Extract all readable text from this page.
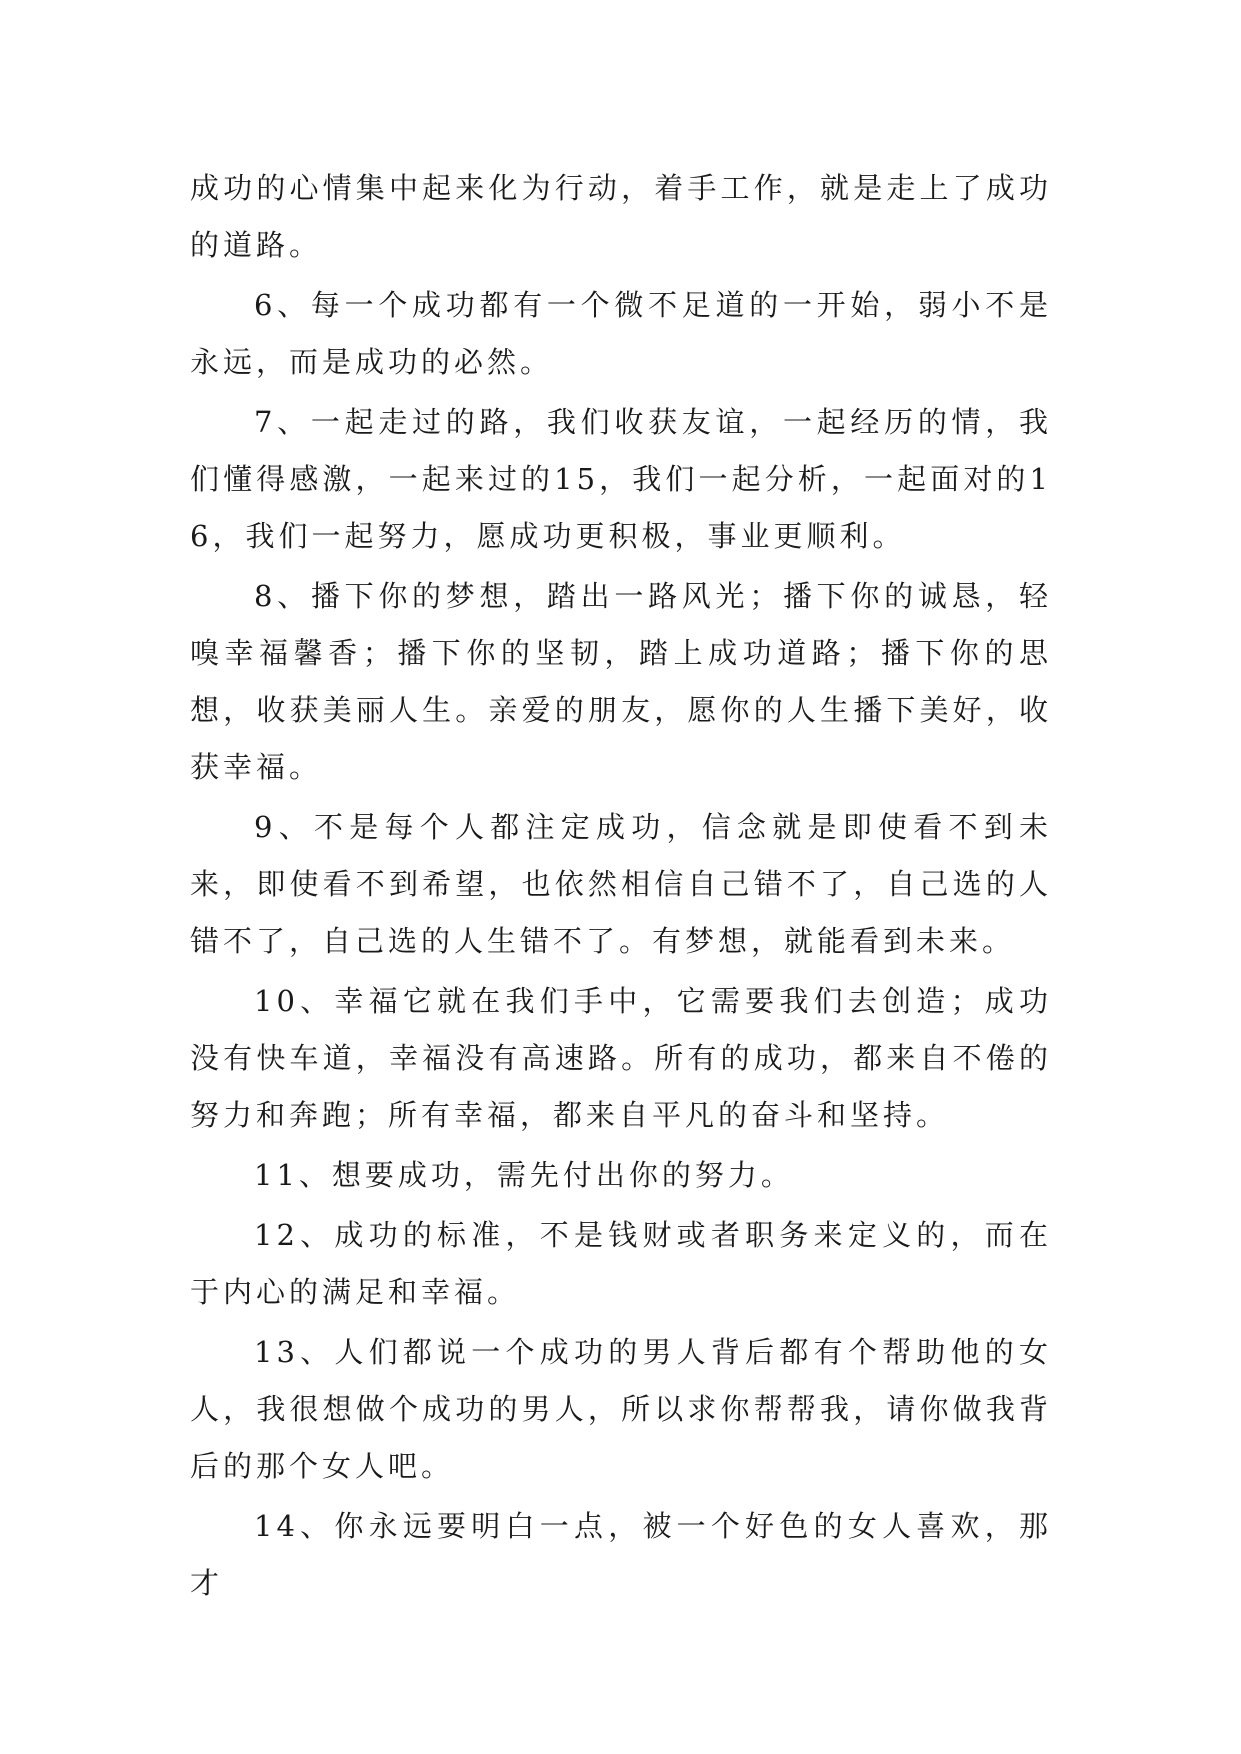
成功的心情集中起来化为行动，着手工作，就是走上了成功的道路。

6、每一个成功都有一个微不足道的一开始，弱小不是永远，而是成功的必然。

7、一起走过的路，我们收获友谊，一起经历的情，我们懂得感激，一起来过的15，我们一起分析，一起面对的16，我们一起努力，愿成功更积极，事业更顺利。

8、播下你的梦想，踏出一路风光；播下你的诚恳，轻嗅幸福馨香；播下你的坚韧，踏上成功道路；播下你的思想，收获美丽人生。亲爱的朋友，愿你的人生播下美好，收获幸福。

9、不是每个人都注定成功，信念就是即使看不到未来，即使看不到希望，也依然相信自己错不了，自己选的人错不了，自己选的人生错不了。有梦想，就能看到未来。

10、幸福它就在我们手中，它需要我们去创造；成功没有快车道，幸福没有高速路。所有的成功，都来自不倦的努力和奔跑；所有幸福，都来自平凡的奋斗和坚持。

11、想要成功，需先付出你的努力。

12、成功的标准，不是钱财或者职务来定义的，而在于内心的满足和幸福。

13、人们都说一个成功的男人背后都有个帮助他的女人，我很想做个成功的男人，所以求你帮帮我，请你做我背后的那个女人吧。

14、你永远要明白一点，被一个好色的女人喜欢，那才
